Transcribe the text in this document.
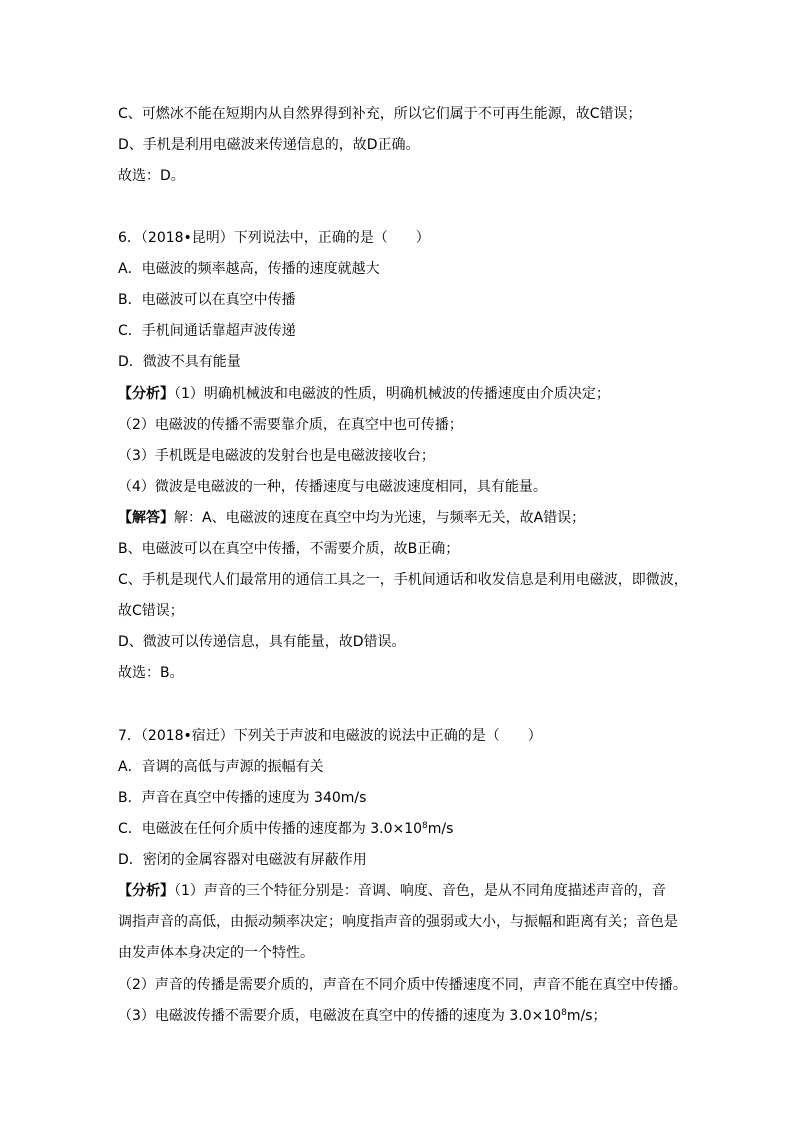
C、可燃冰不能在短期内从自然界得到补充，所以它们属于不可再生能源，故C错误；
D、手机是利用电磁波来传递信息的，故D正确。
故选：D。
6．（2018•昆明）下列说法中，正确的是（　　）
A．电磁波的频率越高，传播的速度就越大
B．电磁波可以在真空中传播
C．手机间通话靠超声波传递
D．微波不具有能量
【分析】（1）明确机械波和电磁波的性质，明确机械波的传播速度由介质决定；
（2）电磁波的传播不需要靠介质，在真空中也可传播；
（3）手机既是电磁波的发射台也是电磁波接收台；
（4）微波是电磁波的一种，传播速度与电磁波速度相同，具有能量。
【解答】解：A、电磁波的速度在真空中均为光速，与频率无关，故A错误；
B、电磁波可以在真空中传播，不需要介质，故B正确；
C、手机是现代人们最常用的通信工具之一，手机间通话和收发信息是利用电磁波，即微波，
故C错误；
D、微波可以传递信息，具有能量，故D错误。
故选：B。
7．（2018•宿迁）下列关于声波和电磁波的说法中正确的是（　　）
A．音调的高低与声源的振幅有关
B．声音在真空中传播的速度为 340m/s
C．电磁波在任何介质中传播的速度都为 $3.0\times 10^8m/s$
D．密闭的金属容器对电磁波有屏蔽作用
【分析】（1）声音的三个特征分别是：音调、响度、音色，是从不同角度描述声音的，音
调指声音的高低，由振动频率决定；响度指声音的强弱或大小，与振幅和距离有关；音色是
由发声体本身决定的一个特性。
（2）声音的传播是需要介质的，声音在不同介质中传播速度不同，声音不能在真空中传播。
（3）电磁波传播不需要介质，电磁波在真空中的传播的速度为 $3.0\times 10^8m/s$；
